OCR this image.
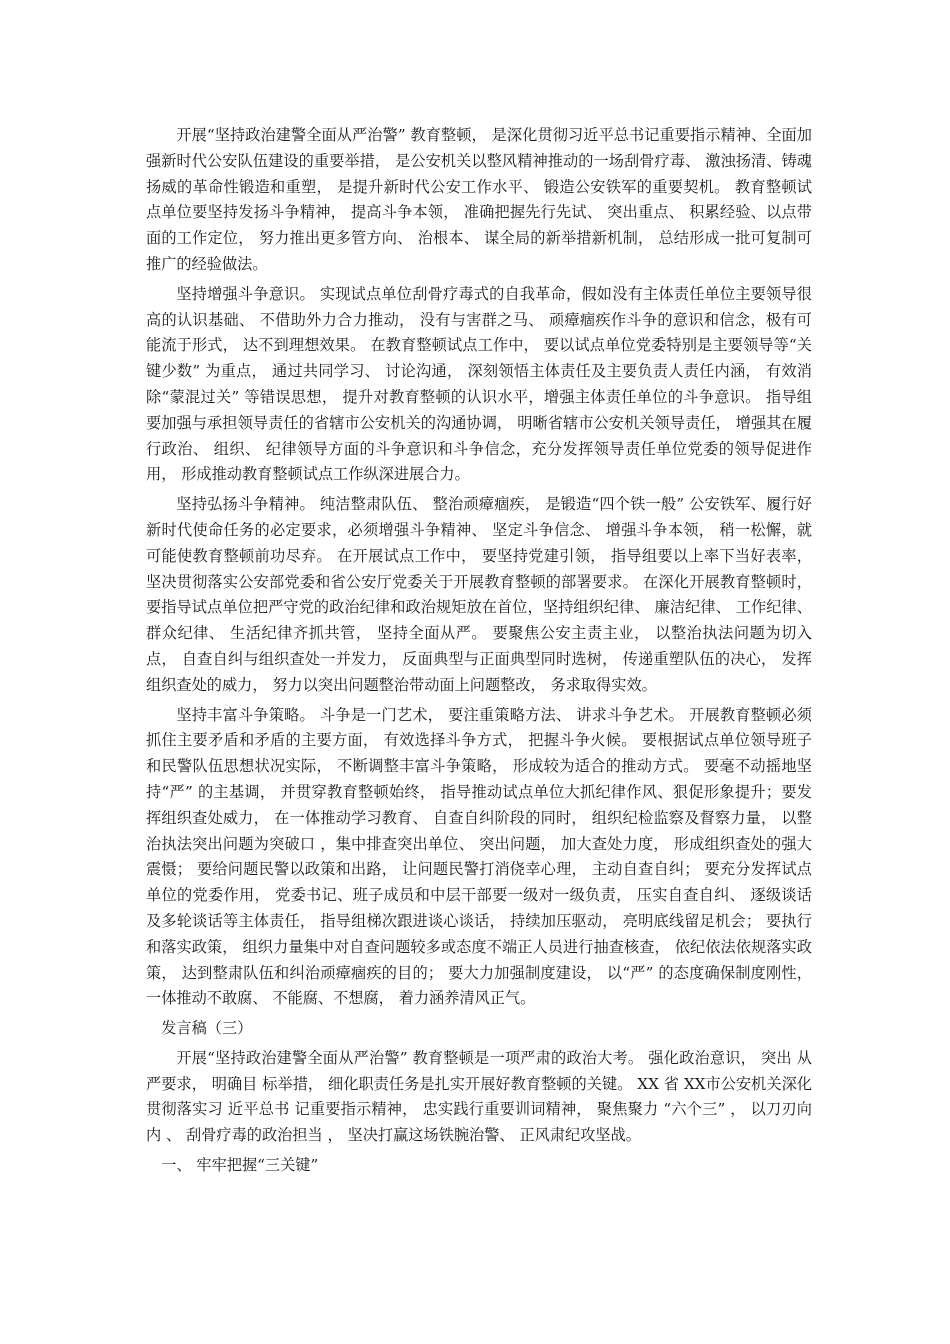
开展“坚持政治建警全面从严治警” 教育整顿， 是深化贯彻习近平总书记重要指示精神、全面加强新时代公安队伍建设的重要举措， 是公安机关以整风精神推动的一场刮骨疗毒、 激浊扬清、铸魂扬威的革命性锻造和重塑， 是提升新时代公安工作水平、 锻造公安铁军的重要契机。 教育整顿试点单位要坚持发扬斗争精神， 提高斗争本领， 准确把握先行先试、 突出重点、 积累经验、以点带面的工作定位， 努力推出更多管方向、 治根本、 谋全局的新举措新机制， 总结形成一批可复制可推广的经验做法。

坚持增强斗争意识。 实现试点单位刮骨疗毒式的自我革命，假如没有主体责任单位主要领导很高的认识基础、 不借助外力合力推动， 没有与害群之马、 顽瘴痼疾作斗争的意识和信念，极有可能流于形式， 达不到理想效果。 在教育整顿试点工作中， 要以试点单位党委特别是主要领导等“关键少数” 为重点， 通过共同学习、 讨论沟通， 深刻领悟主体责任及主要负责人责任内涵， 有效消除“蒙混过关” 等错误思想， 提升对教育整顿的认识水平，增强主体责任单位的斗争意识。 指导组要加强与承担领导责任的省辖市公安机关的沟通协调， 明晰省辖市公安机关领导责任， 增强其在履行政治、 组织、 纪律领导方面的斗争意识和斗争信念，充分发挥领导责任单位党委的领导促进作用， 形成推动教育整顿试点工作纵深进展合力。

坚持弘扬斗争精神。 纯洁整肃队伍、 整治顽瘴痼疾， 是锻造“四个铁一般” 公安铁军、履行好新时代使命任务的必定要求，必须增强斗争精神、 坚定斗争信念、 增强斗争本领， 稍一松懈，就可能使教育整顿前功尽弃。 在开展试点工作中， 要坚持党建引领， 指导组要以上率下当好表率， 坚决贯彻落实公安部党委和省公安厅党委关于开展教育整顿的部署要求。 在深化开展教育整顿时， 要指导试点单位把严守党的政治纪律和政治规矩放在首位，坚持组织纪律、 廉洁纪律、 工作纪律、 群众纪律、 生活纪律齐抓共管， 坚持全面从严。 要聚焦公安主责主业， 以整治执法问题为切入点， 自查自纠与组织查处一并发力， 反面典型与正面典型同时选树， 传递重塑队伍的决心， 发挥组织查处的威力， 努力以突出问题整治带动面上问题整改， 务求取得实效。

坚持丰富斗争策略。 斗争是一门艺术， 要注重策略方法、 讲求斗争艺术。 开展教育整顿必须抓住主要矛盾和矛盾的主要方面， 有效选择斗争方式， 把握斗争火候。 要根据试点单位领导班子和民警队伍思想状况实际， 不断调整丰富斗争策略， 形成较为适合的推动方式。 要毫不动摇地坚持“严” 的主基调， 并贯穿教育整顿始终， 指导推动试点单位大抓纪律作风、狠促形象提升；要发挥组织查处威力， 在一体推动学习教育、 自查自纠阶段的同时， 组织纪检监察及督察力量， 以整治执法突出问题为突破口 ，集中排查突出单位、 突出问题， 加大查处力度， 形成组织查处的强大震慑； 要给问题民警以政策和出路， 让问题民警打消侥幸心理， 主动自查自纠； 要充分发挥试点单位的党委作用， 党委书记、班子成员和中层干部要一级对一级负责， 压实自查自纠、 逐级谈话及多轮谈话等主体责任， 指导组梯次跟进谈心谈话， 持续加压驱动， 亮明底线留足机会； 要执行和落实政策， 组织力量集中对自查问题较多或态度不端正人员进行抽查核查， 依纪依法依规落实政策， 达到整肃队伍和纠治顽瘴痼疾的目的； 要大力加强制度建设， 以“严” 的态度确保制度刚性， 一体推动不敢腐、 不能腐、不想腐， 着力涵养清风正气。

发言稿（三）

开展“坚持政治建警全面从严治警” 教育整顿是一项严肃的政治大考。 强化政治意识， 突出 从严要求， 明确目 标举措， 细化职责任务是扎实开展好教育整顿的关键。 XX 省 XX市公安机关深化贯彻落实习 近平总书 记重要指示精神， 忠实践行重要训词精神， 聚焦聚力 “六个三” ， 以刀刃向内 、 刮骨疗毒的政治担当 ， 坚决打赢这场铁腕治警、 正风肃纪攻坚战。

一、 牢牢把握“三关键”
